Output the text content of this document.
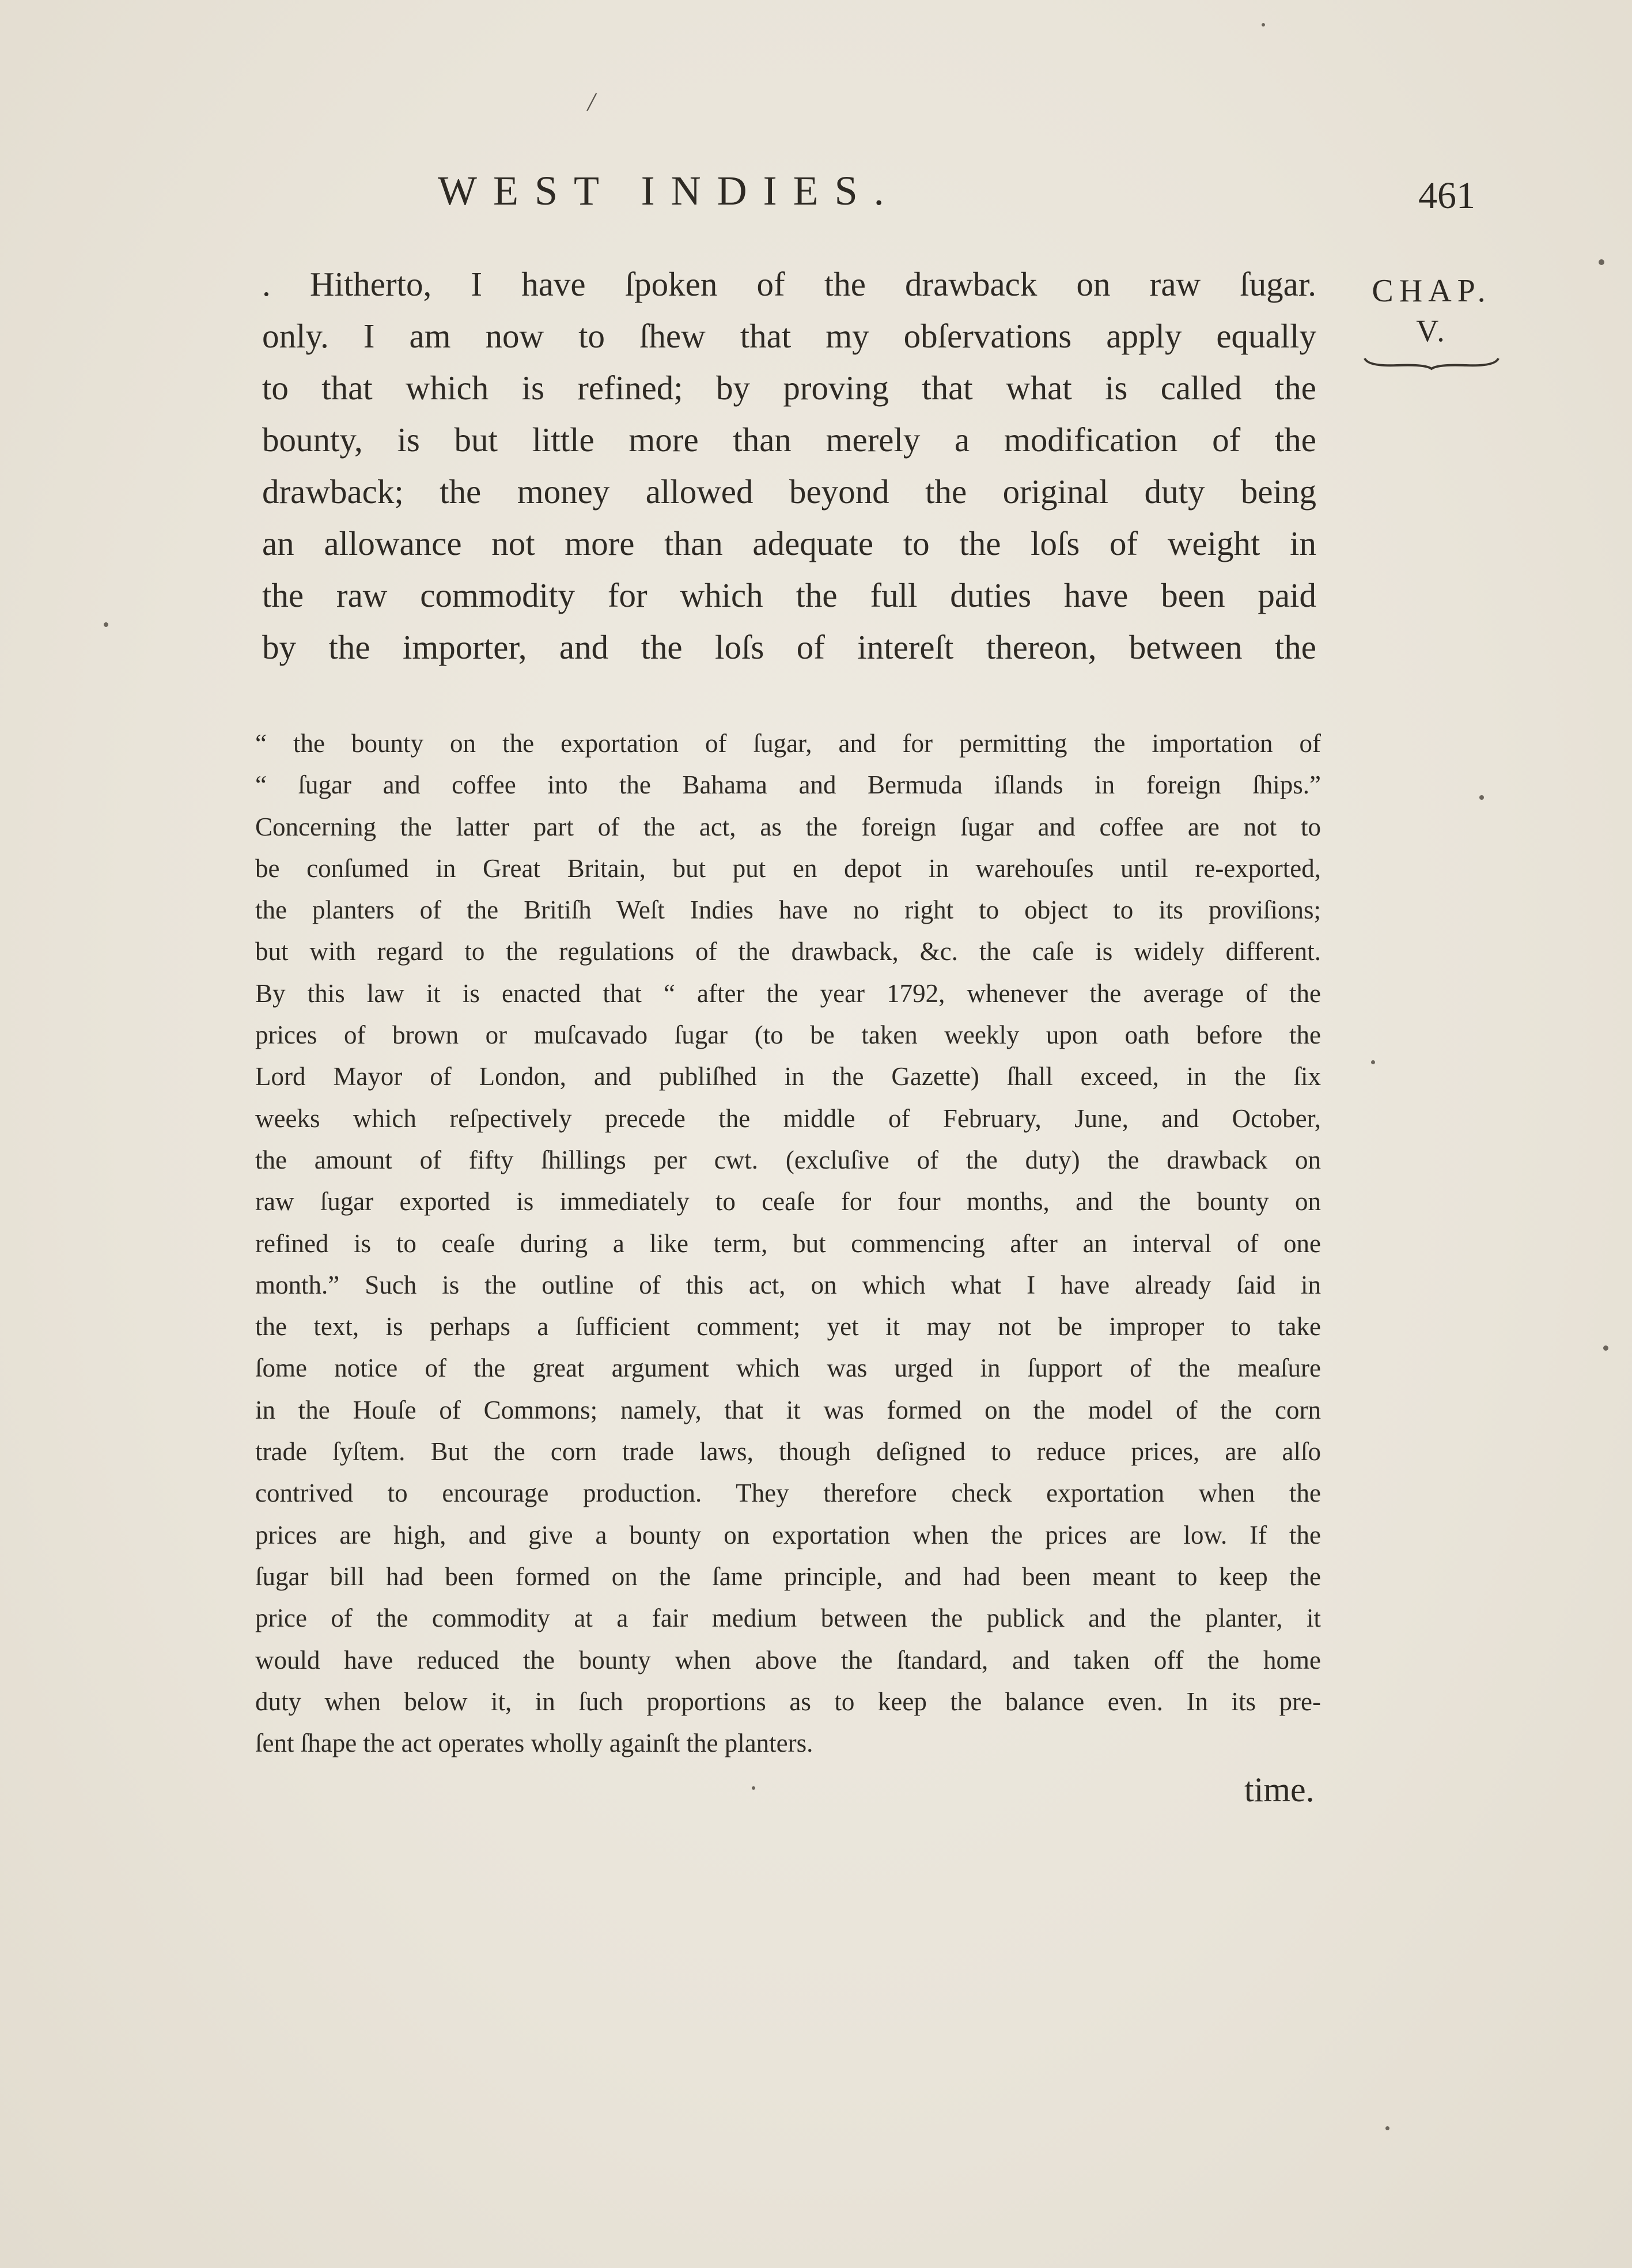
/
WEST INDIES.	461
CHAP.
V.
. Hitherto, I have ſpoken of the drawback on raw ſugar.
only. I am now to ſhew that my obſervations apply equally
to that which is refined; by proving that what is called the
bounty, is but little more than merely a modification of the
drawback; the money allowed beyond the original duty being
an allowance not more than adequate to the loſs of weight in
the raw commodity for which the full duties have been paid
by the importer, and the loſs of intereſt thereon, between the
“ the bounty on the exportation of ſugar, and for permitting the importation of
“ ſugar and coffee into the Bahama and Bermuda iſlands in foreign ſhips.”
Concerning the latter part of the act, as the foreign ſugar and coffee are not to
be conſumed in Great Britain, but put en depot in warehouſes until re-exported,
the planters of the Britiſh Weſt Indies have no right to object to its proviſions;
but with regard to the regulations of the drawback, &c. the caſe is widely different.
By this law it is enacted that “ after the year 1792, whenever the average of the
prices of brown or muſcavado ſugar (to be taken weekly upon oath before the
Lord Mayor of London, and publiſhed in the Gazette) ſhall exceed, in the ſix
weeks which reſpectively precede the middle of February, June, and October,
the amount of fifty ſhillings per cwt. (excluſive of the duty) the drawback on
raw ſugar exported is immediately to ceaſe for four months, and the bounty on
refined is to ceaſe during a like term, but commencing after an interval of one
month.” Such is the outline of this act, on which what I have already ſaid in
the text, is perhaps a ſufficient comment; yet it may not be improper to take
ſome notice of the great argument which was urged in ſupport of the meaſure
in the Houſe of Commons; namely, that it was formed on the model of the corn
trade ſyſtem. But the corn trade laws, though deſigned to reduce prices, are alſo
contrived to encourage production. They therefore check exportation when the
prices are high, and give a bounty on exportation when the prices are low. If the
ſugar bill had been formed on the ſame principle, and had been meant to keep the
price of the commodity at a fair medium between the publick and the planter, it
would have reduced the bounty when above the ſtandard, and taken off the home
duty when below it, in ſuch proportions as to keep the balance even. In its pre-
ſent ſhape the act operates wholly againſt the planters.
time.
